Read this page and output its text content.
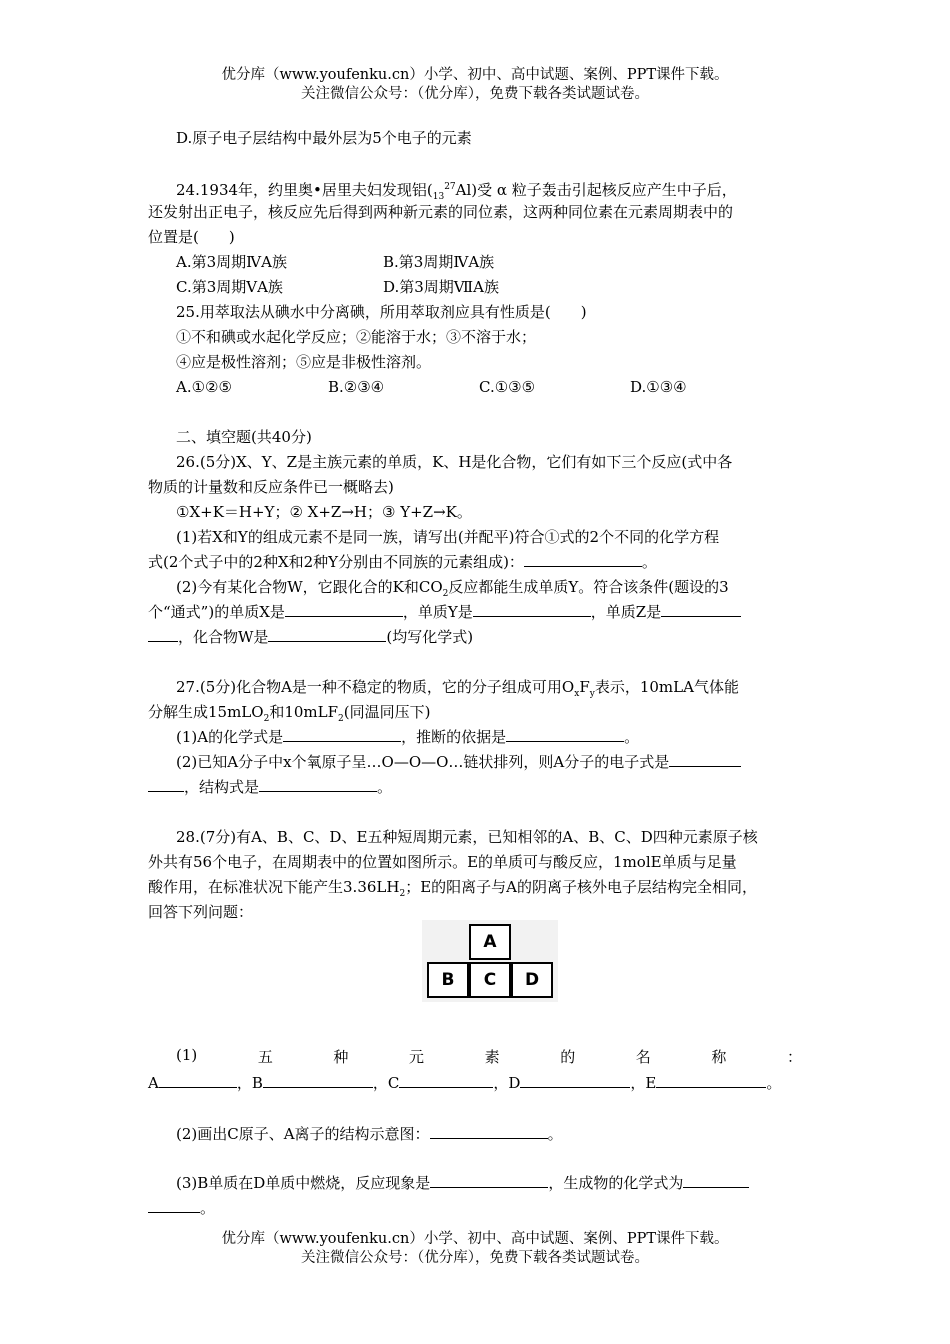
优分库（www.youfenku.cn）小学、初中、高中试题、案例、PPT课件下载。
关注微信公众号：（优分库），免费下载各类试题试卷。
D.原子电子层结构中最外层为5个电子的元素
24.1934年，约里奥•居里夫妇发现铝$(_{13}^{27}Al)$受 α 粒子轰击引起核反应产生中子后，
还发射出正电子，核反应先后得到两种新元素的同位素，这两种同位素在元素周期表中的
位置是(　　)
A.第3周期ⅣA族	B.第3周期ⅣA族
C.第3周期ⅤA族	D.第3周期ⅦA族
25.用萃取法从碘水中分离碘，所用萃取剂应具有性质是(　　)
①不和碘或水起化学反应；②能溶于水；③不溶于水；
④应是极性溶剂；⑤应是非极性溶剂。
A.①②⑤	B.②③④	C.①③⑤	D.①③④
二、填空题(共40分)
26.(5分)X、Y、Z是主族元素的单质，K、H是化合物，它们有如下三个反应(式中各
物质的计量数和反应条件已一概略去)
①X+K＝H+Y；② X+Z→H；③ Y+Z→K。
(1)若X和Y的组成元素不是同一族，请写出(并配平)符合①式的2个不同的化学方程
式(2个式子中的2种X和2种Y分别由不同族的元素组成)：	。
(2)今有某化合物W，它跟化合的K和$CO_2$反应都能生成单质Y。符合该条件(题设的3
个“通式”)的单质X是	，单质Y是	，单质Z是
，化合物W是	(均写化学式)
27.(5分)化合物A是一种不稳定的物质，它的分子组成可用$O_xF_y$表示，10mLA气体能
分解生成15mLO$_2$和10mLF$_2$(同温同压下)
(1)A的化学式是	，推断的依据是	。
(2)已知A分子中x个氧原子呈…O—O—O…链状排列，则A分子的电子式是
，结构式是	。
28.(7分)有A、B、C、D、E五种短周期元素，已知相邻的A、B、C、D四种元素原子核
外共有56个电子，在周期表中的位置如图所示。E的单质可与酸反应，1molE单质与足量
酸作用，在标准状况下能产生$3.36LH_2$；E的阳离子与A的阴离子核外电子层结构完全相同，
回答下列问题：
A
B	C	D
(1)	五	种	元	素	的	名	称	：
A	，B	，C	，D	，E	。
(2)画出C原子、A离子的结构示意图：	。
(3)B单质在D单质中燃烧，反应现象是	，生成物的化学式为
。
优分库（www.youfenku.cn）小学、初中、高中试题、案例、PPT课件下载。
关注微信公众号：（优分库），免费下载各类试题试卷。
